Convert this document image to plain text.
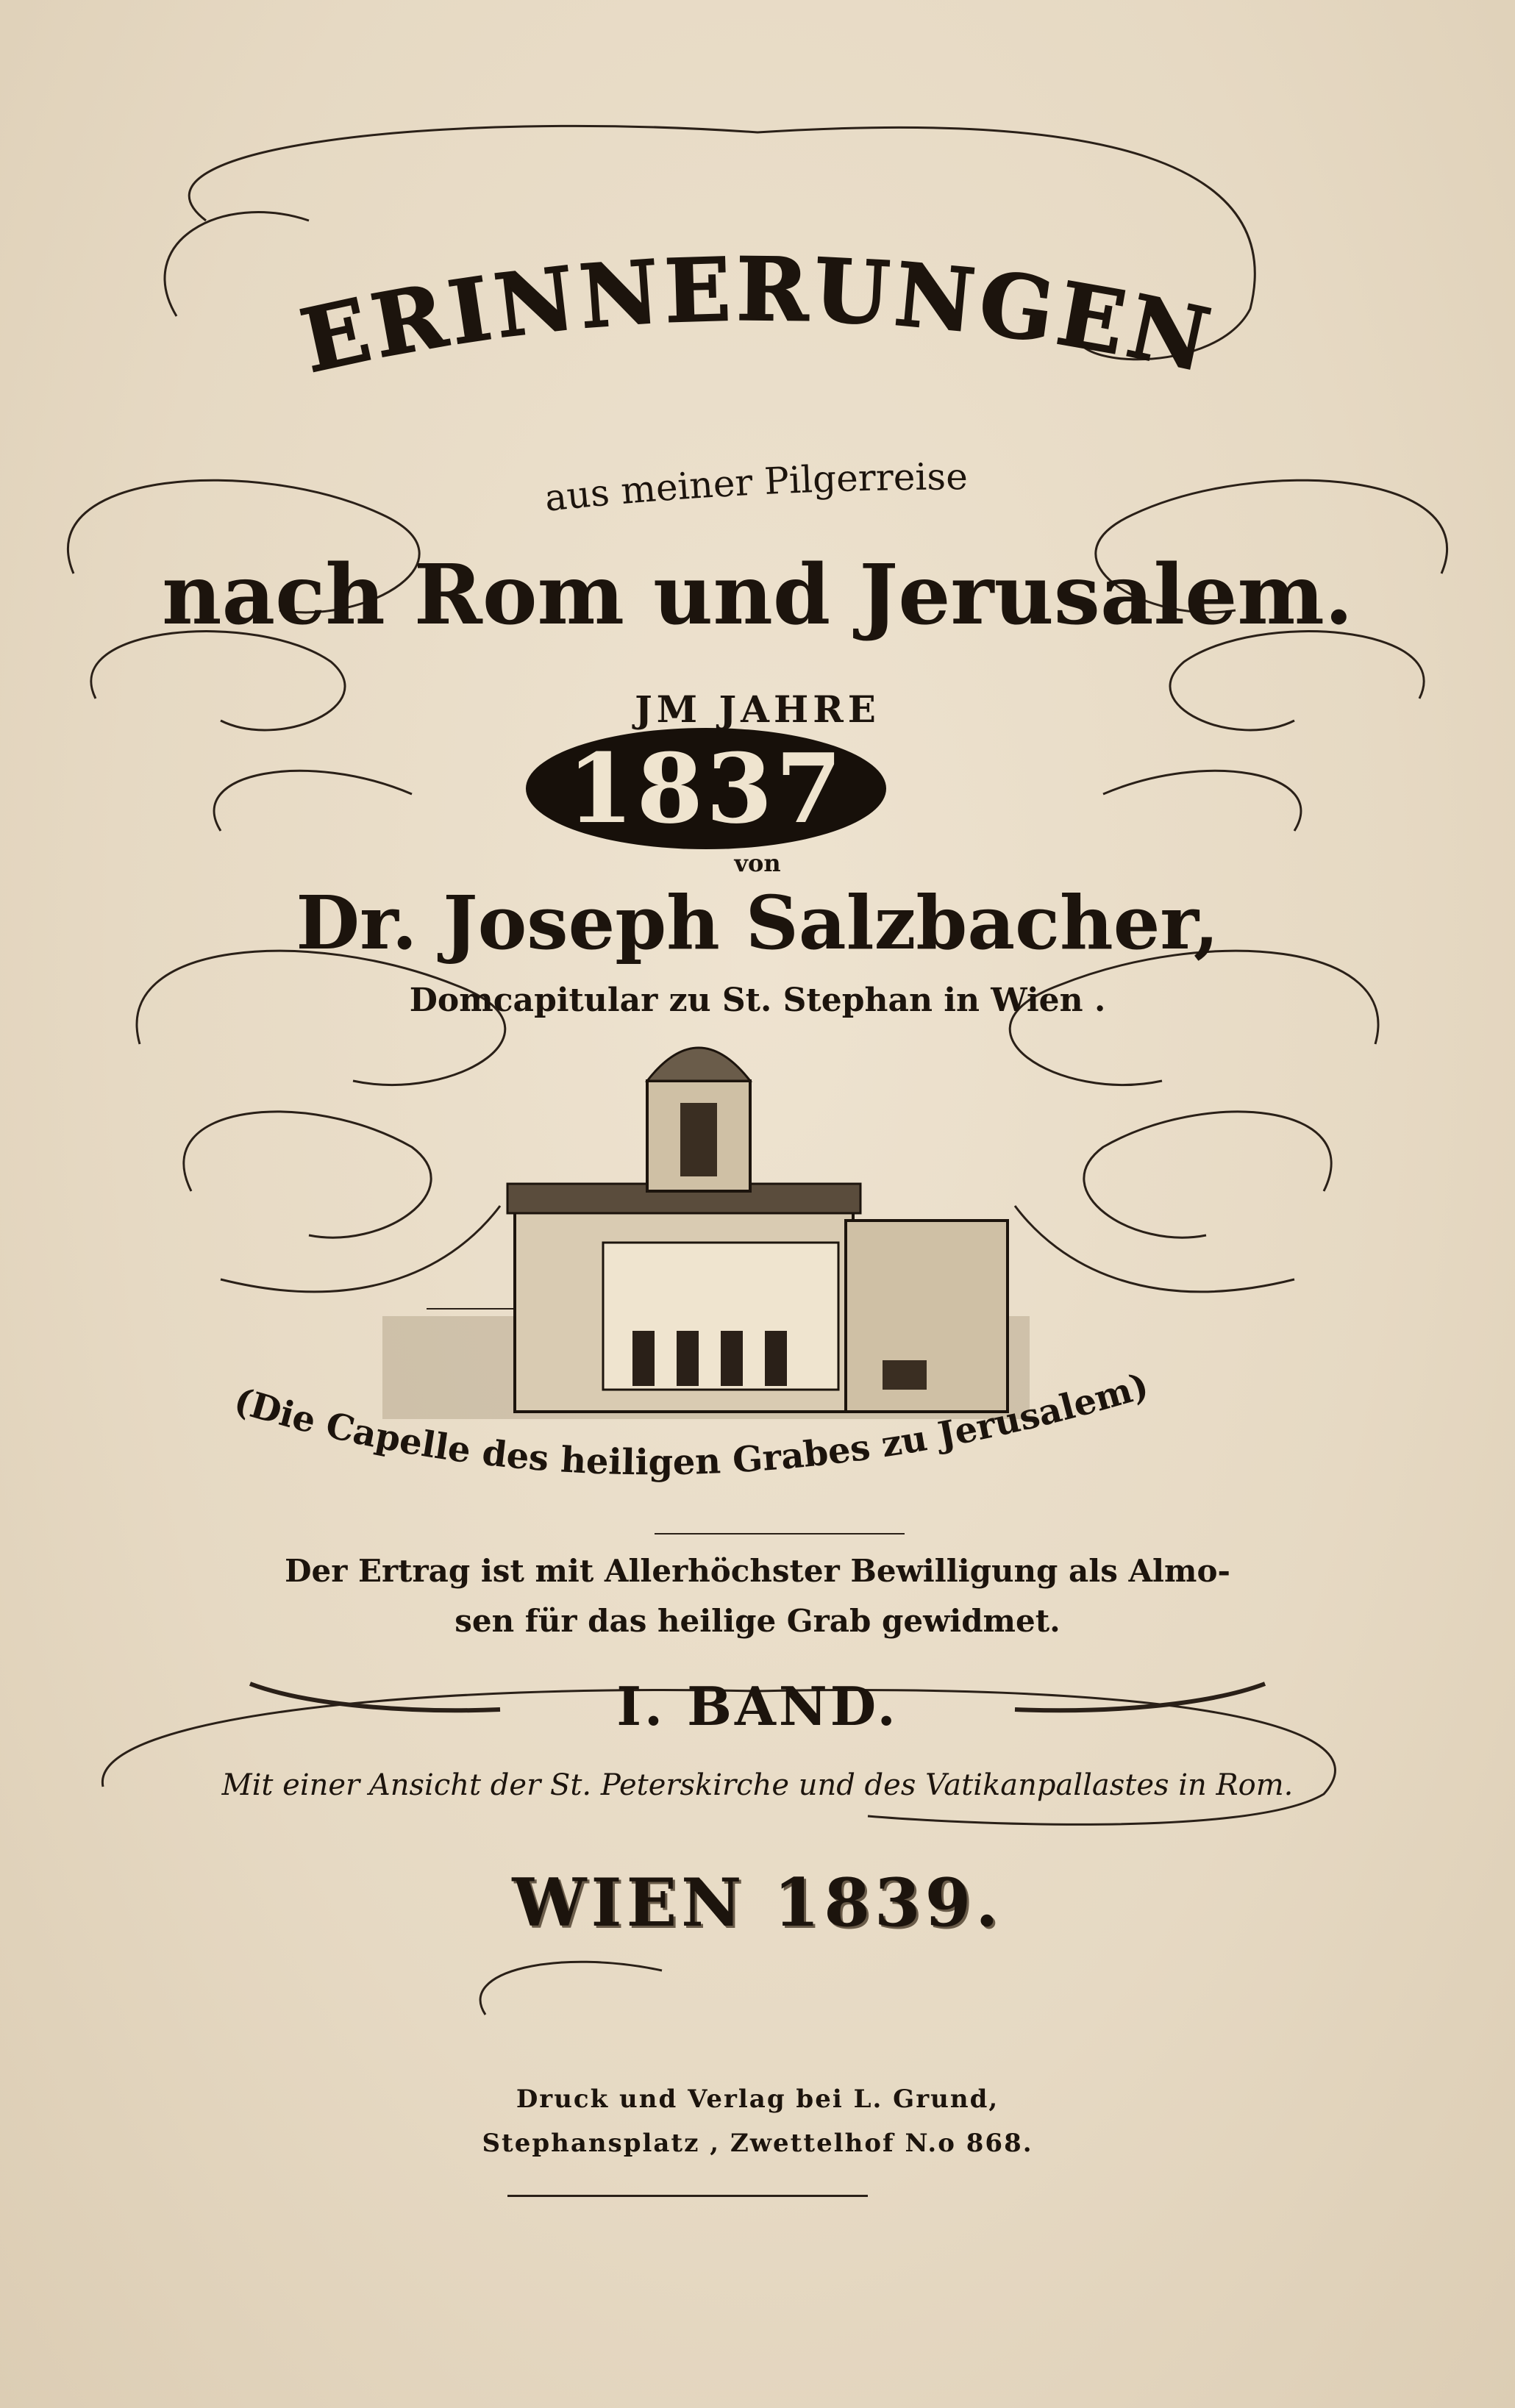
ERINNERUNGEN
aus meiner Pilgerreise
nach Rom und Jerusalem.
JM JAHRE
1837
von
Dr. Joseph Salzbacher,
Domcapitular zu St. Stephan in Wien .
(Die Capelle des heiligen Grabes zu Jerusalem)
Der Ertrag ist mit Allerhöchster Bewilligung als Almo-
sen für das heilige Grab gewidmet.
I. BAND.
Mit einer Ansicht der St. Peterskirche und des Vatikanpallastes in Rom.
WIEN 1839.
Druck und Verlag bei L. Grund,
Stephansplatz , Zwettelhof N.o 868.
